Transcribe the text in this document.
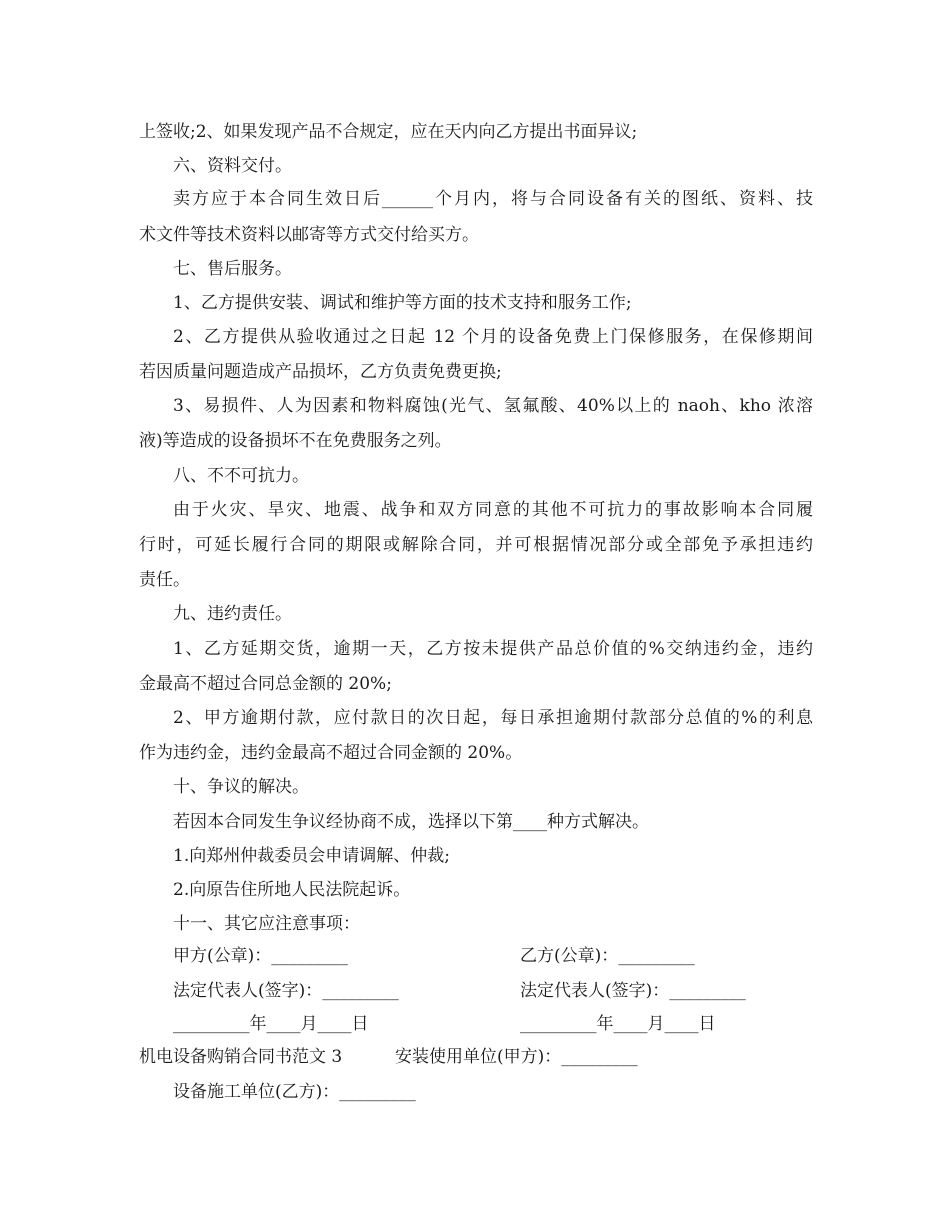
上签收;2、如果发现产品不合规定，应在天内向乙方提出书面异议;
六、资料交付。
卖方应于本合同生效日后______个月内，将与合同设备有关的图纸、资料、技
术文件等技术资料以邮寄等方式交付给买方。
七、售后服务。
1、乙方提供安装、调试和维护等方面的技术支持和服务工作;
2、乙方提供从验收通过之日起 12 个月的设备免费上门保修服务，在保修期间
若因质量问题造成产品损坏，乙方负责免费更换;
3、易损件、人为因素和物料腐蚀(光气、氢氟酸、40%以上的 naoh、kho 浓溶
液)等造成的设备损坏不在免费服务之列。
八、不不可抗力。
由于火灾、旱灾、地震、战争和双方同意的其他不可抗力的事故影响本合同履
行时，可延长履行合同的期限或解除合同，并可根据情况部分或全部免予承担违约
责任。
九、违约责任。
1、乙方延期交货，逾期一天，乙方按未提供产品总价值的%交纳违约金，违约
金最高不超过合同总金额的 20%;
2、甲方逾期付款，应付款日的次日起，每日承担逾期付款部分总值的%的利息
作为违约金，违约金最高不超过合同金额的 20%。
十、争议的解决。
若因本合同发生争议经协商不成，选择以下第____种方式解决。
1.向郑州仲裁委员会申请调解、仲裁;
2.向原告住所地人民法院起诉。
十一、其它应注意事项：
甲方(公章)：_________	乙方(公章)：_________
法定代表人(签字)：_________	法定代表人(签字)：_________
_________年____月____日	_________年____月____日
机电设备购销合同书范文 3	安装使用单位(甲方)：_________
设备施工单位(乙方)：_________
